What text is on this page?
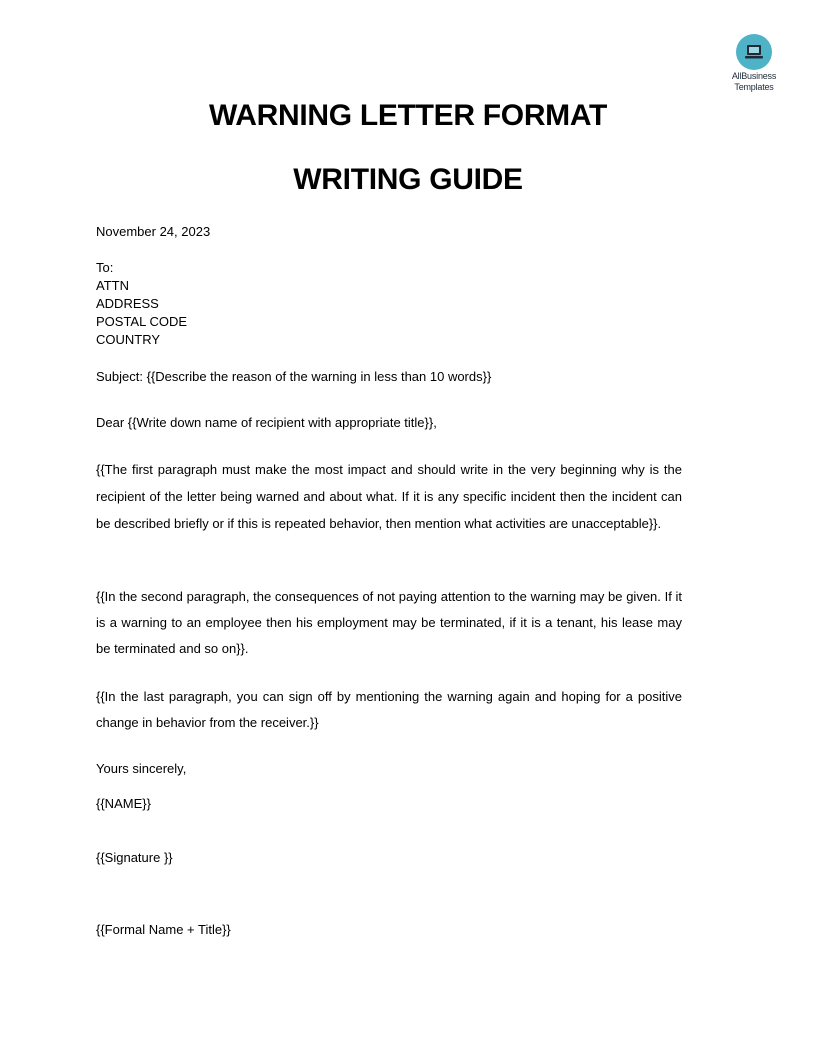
AllBusiness
Templates
WARNING LETTER FORMAT
WRITING GUIDE

November 24, 2023

To:
ATTN
ADDRESS
POSTAL CODE
COUNTRY

Subject: {{Describe the reason of the warning in less than 10 words}}

Dear {{Write down name of recipient with appropriate title}},

{{The first paragraph must make the most impact and should write in the very beginning why is the recipient of the letter being warned and about what. If it is any specific incident then the incident can be described briefly or if this is repeated behavior, then mention what activities are unacceptable}}.

{{In the second paragraph, the consequences of not paying attention to the warning may be given. If it is a warning to an employee then his employment may be terminated, if it is a tenant, his lease may be terminated and so on}}.

{{In the last paragraph, you can sign off by mentioning the warning again and hoping for a positive change in behavior from the receiver.}}

Yours sincerely,

{{NAME}}

{{Signature }}

{{Formal Name + Title}}
